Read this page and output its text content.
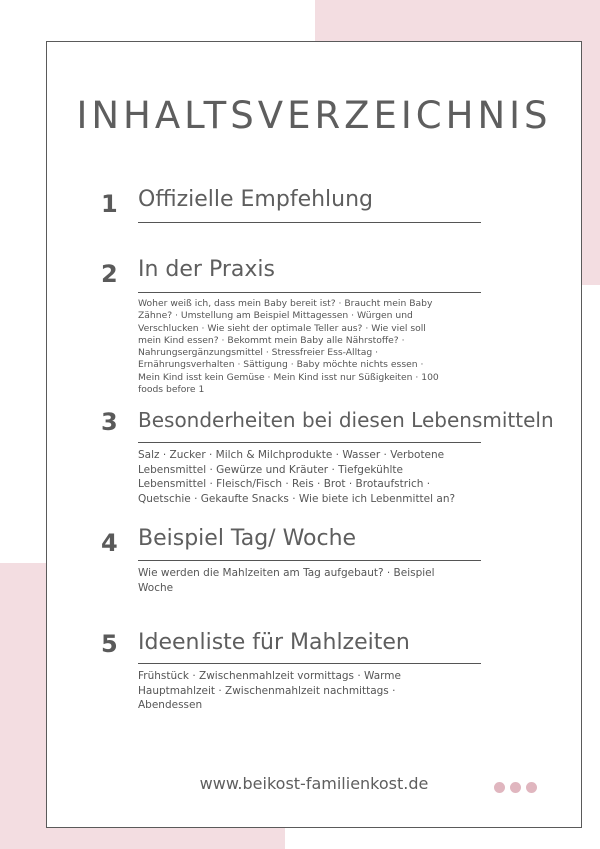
INHALTSVERZEICHNIS
1 Offizielle Empfehlung
2 In der Praxis

Woher weiß ich, dass mein Baby bereit ist? · Braucht mein Baby Zähne? · Umstellung am Beispiel Mittagessen · Würgen und Verschlucken · Wie sieht der optimale Teller aus? · Wie viel soll mein Kind essen? · Bekommt mein Baby alle Nährstoffe? · Nahrungsergänzungsmittel · Stressfreier Ess-Alltag · Ernährungsverhalten · Sättigung · Baby möchte nichts essen · Mein Kind isst kein Gemüse · Mein Kind isst nur Süßigkeiten · 100 foods before 1

3	Besonderheiten bei diesen Lebensmitteln

Salz · Zucker · Milch & Milchprodukte · Wasser · Verbotene Lebensmittel · Gewürze und Kräuter · Tiefgekühlte Lebensmittel · Fleisch/Fisch · Reis · Brot · Brotaufstrich · Quetschie · Gekaufte Snacks · Wie biete ich Lebenmittel an?

4 Beispiel Tag/ Woche

Wie werden die Mahlzeiten am Tag aufgebaut? · Beispiel Woche

5 Ideenliste für Mahlzeiten

Frühstück · Zwischenmahlzeit vormittags · Warme Hauptmahlzeit · Zwischenmahlzeit nachmittags · Abendessen

www.beikost-familienkost.de
